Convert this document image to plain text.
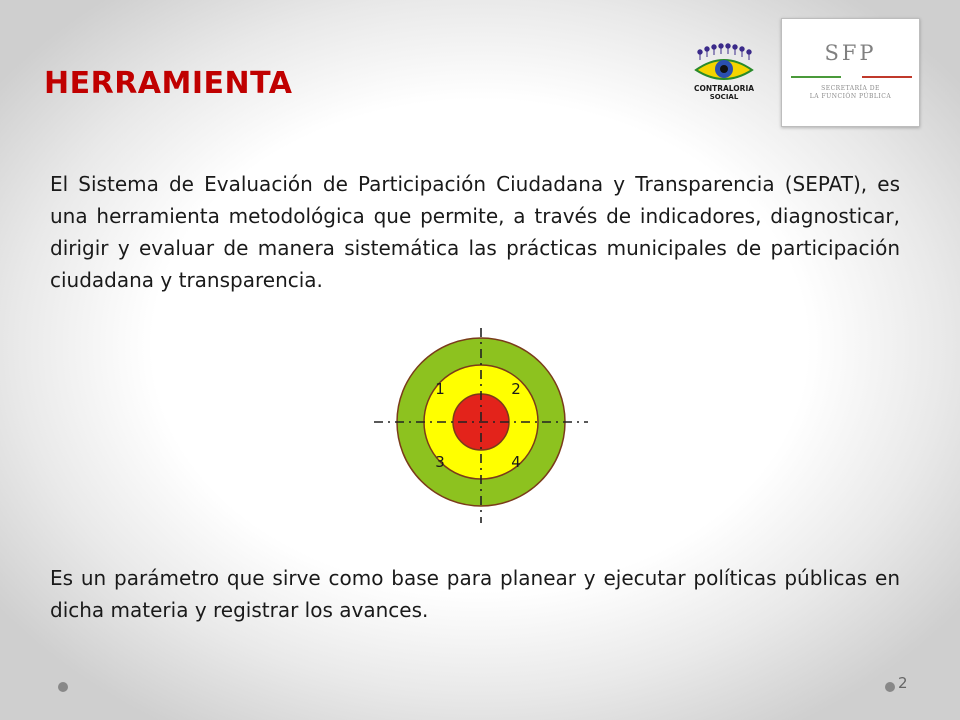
HERRAMIENTA	CONTRALORIA
SOCIAL
SFP
SECRETARÍA DE
LA FUNCIÓN PÚBLICA
El Sistema de Evaluación de Participación Ciudadana y Transparencia (SEPAT), es una herramienta metodológica que permite, a través de indicadores, diagnosticar, dirigir y evaluar de manera sistemática las prácticas municipales de participación ciudadana y transparencia.
1	2
3	4
Es un parámetro que sirve como base para planear y ejecutar políticas públicas en dicha materia y registrar los avances.
2
